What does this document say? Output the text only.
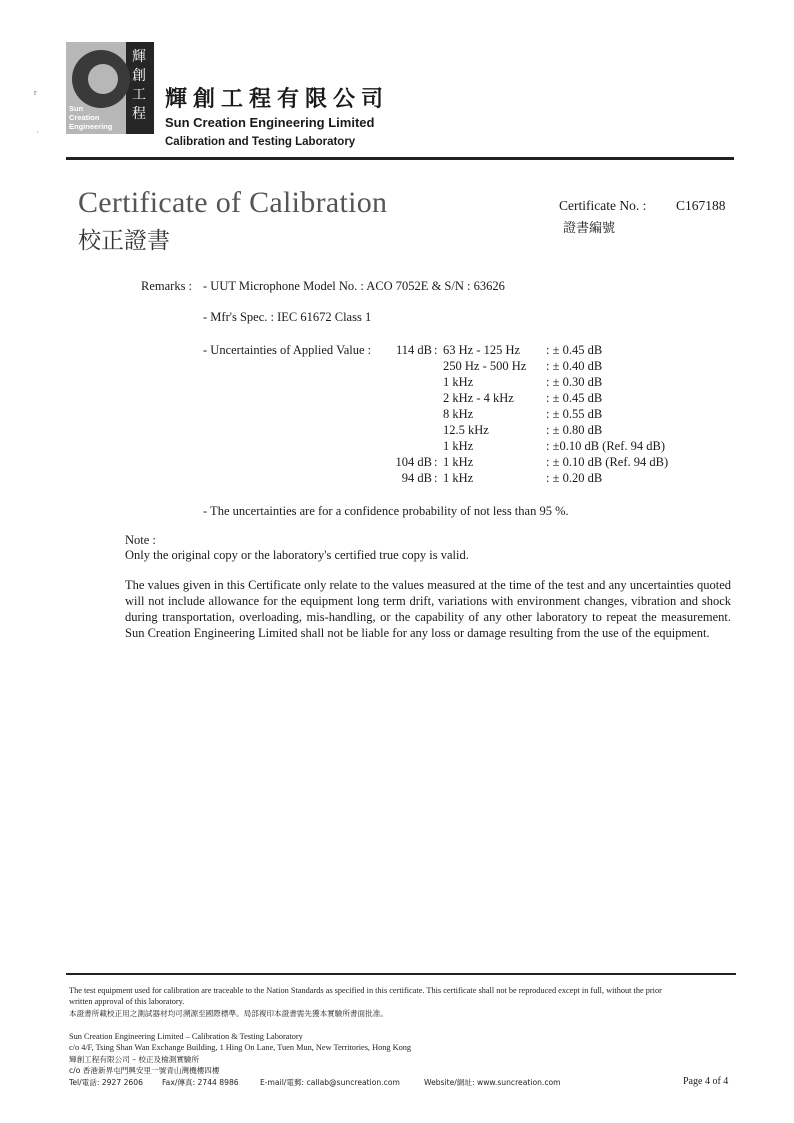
r
·
輝
創
工
程
Sun
Creation
Engineering
輝創工程有限公司
Sun Creation Engineering Limited
Calibration and Testing Laboratory
Certificate of Calibration
校正證書
Certificate No. : C167188
證書編號
Remarks : - UUT Microphone Model No. : ACO 7052E & S/N : 63626
- Mfr's Spec. : IEC 61672 Class 1
- Uncertainties of Applied Value :	114 dB : 63 Hz - 125 Hz : ± 0.45 dB
250 Hz - 500 Hz : ± 0.40 dB
1 kHz	: ± 0.30 dB
2 kHz - 4 kHz	: ± 0.45 dB
8 kHz	: ± 0.55 dB
12.5 kHz	: ± 0.80 dB
1 kHz	: ±0.10 dB (Ref. 94 dB)
104 dB : 1 kHz	: ± 0.10 dB (Ref. 94 dB)
94 dB : 1 kHz	: ± 0.20 dB
- The uncertainties are for a confidence probability of not less than 95 %.
Note :
Only the original copy or the laboratory's certified true copy is valid.
The values given in this Certificate only relate to the values measured at the time of the test and any uncertainties quoted will not include allowance for the equipment long term drift, variations with environment changes, vibration and shock during transportation, overloading, mis-handling, or the capability of any other laboratory to repeat the measurement. Sun Creation Engineering Limited shall not be liable for any loss or damage resulting from the use of the equipment.
The test equipment used for calibration are traceable to the Nation Standards as specified in this certificate. This certificate shall not be reproduced except in full, without the prior
written approval of this laboratory.
本證書所載校正用之測試器材均可溯源至國際標準。局部複印本證書需先獲本實驗所書面批准。
Sun Creation Engineering Limited – Calibration & Testing Laboratory
c/o 4/F, Tsing Shan Wan Exchange Building, 1 Hing On Lane, Tuen Mun, New Territories, Hong Kong
輝創工程有限公司 – 校正及檢測實驗所
c/o 香港新界屯門興安里一號青山灣機樓四樓
Tel/電話: 2927 2606	Fax/傳真: 2744 8986	E-mail/電郵: callab@suncreation.com	Website/網址: www.suncreation.com	Page 4 of 4
